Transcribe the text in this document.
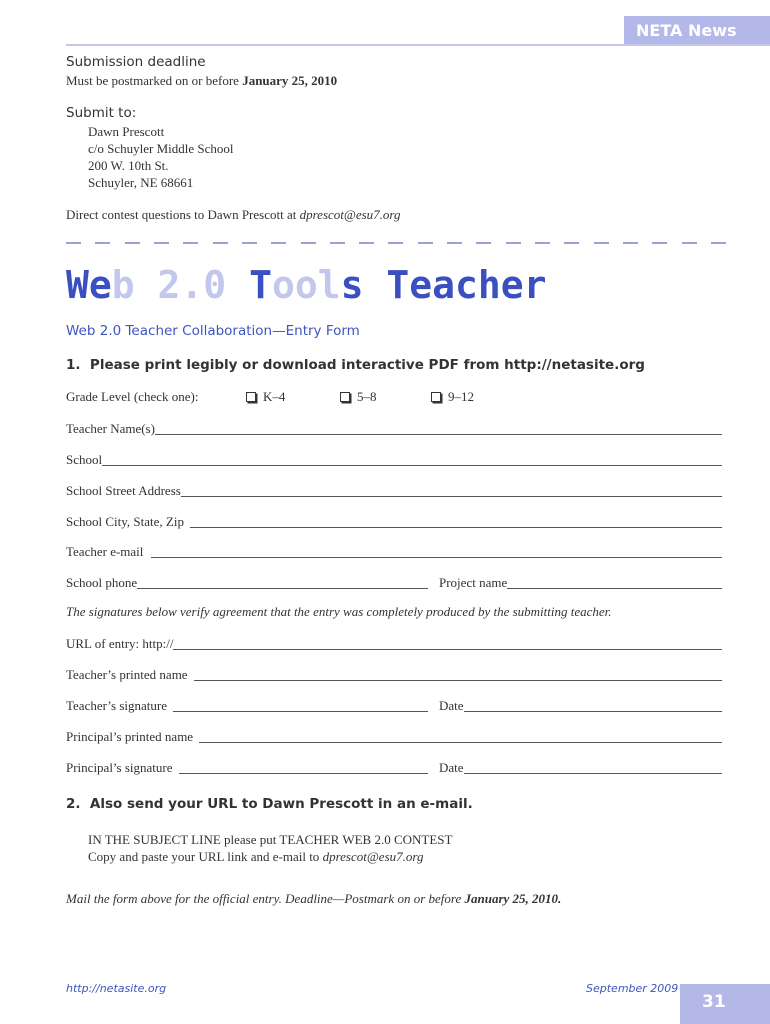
NETA News
Submission deadline
Must be postmarked on or before January 25, 2010
Submit to:
Dawn Prescott
c/o Schuyler Middle School
200 W. 10th St.
Schuyler, NE 68661
Direct contest questions to Dawn Prescott at dprescot@esu7.org
Web 2.0 Tools Teacher
Web 2.0 Teacher Collaboration—Entry Form
1.  Please print legibly or download interactive PDF from http://netasite.org
Grade Level (check one):	K–4	5–8	9–12
Teacher Name(s)
School
School Street Address
School City, State, Zip
Teacher e-mail
School phone	Project name
The signatures below verify agreement that the entry was completely produced by the submitting teacher.
URL of entry: http://
Teacher’s printed name
Teacher’s signature	Date
Principal’s printed name
Principal’s signature	Date
2.  Also send your URL to Dawn Prescott in an e-mail.
IN THE SUBJECT LINE please put TEACHER WEB 2.0 CONTEST
Copy and paste your URL link and e-mail to dprescot@esu7.org
Mail the form above for the official entry. Deadline—Postmark on or before January 25, 2010.
http://netasite.org	September 2009
31
